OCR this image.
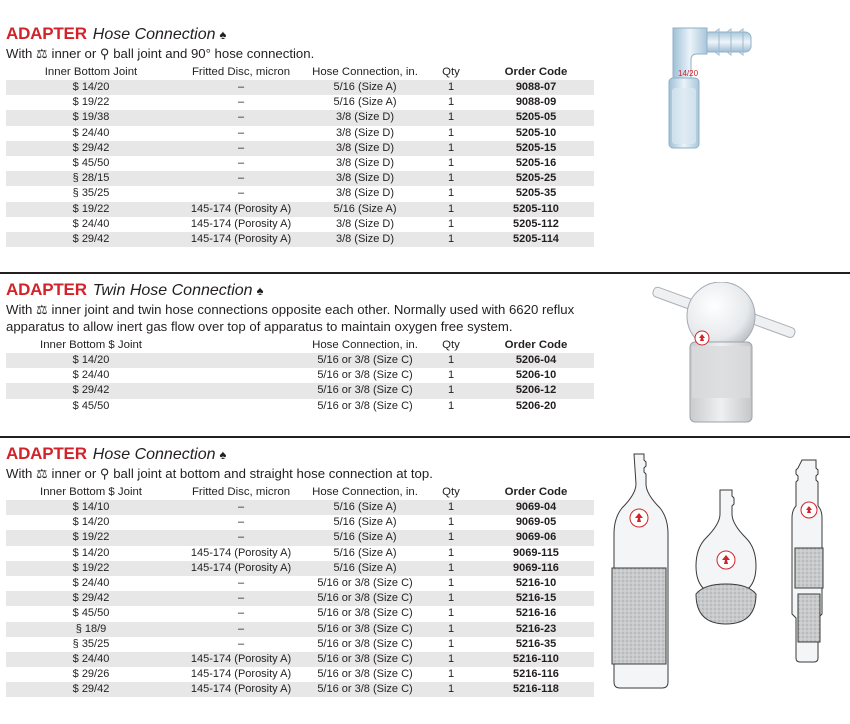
ADAPTER Hose Connection ♠
With ⚖ inner or ⚲ ball joint and 90° hose connection.
Inner Bottom Joint	Fritted Disc, micron	Hose Connection, in.	Qty	Order Code
$ 14/20	–	5/16 (Size A)	1	9088-07
$ 19/22	–	5/16 (Size A)	1	9088-09
$ 19/38	–	3/8 (Size D)	1	5205-05
$ 24/40	–	3/8 (Size D)	1	5205-10
$ 29/42	–	3/8 (Size D)	1	5205-15
$ 45/50	–	3/8 (Size D)	1	5205-16
§ 28/15	–	3/8 (Size D)	1	5205-25
§ 35/25	–	3/8 (Size D)	1	5205-35
$ 19/22	145-174 (Porosity A)	5/16 (Size A)	1	5205-110
$ 24/40	145-174 (Porosity A)	3/8 (Size D)	1	5205-112
$ 29/42	145-174 (Porosity A)	3/8 (Size D)	1	5205-114
ADAPTER Twin Hose Connection ♠
With ⚖ inner joint and twin hose connections opposite each other. Normally used with 6620 reflux apparatus to allow inert gas flow over top of apparatus to maintain oxygen free system.
Inner Bottom $ Joint		Hose Connection, in.	Qty	Order Code
$ 14/20		5/16 or 3/8 (Size C)	1	5206-04
$ 24/40		5/16 or 3/8 (Size C)	1	5206-10
$ 29/42		5/16 or 3/8 (Size C)	1	5206-12
$ 45/50		5/16 or 3/8 (Size C)	1	5206-20
ADAPTER Hose Connection ♠
With ⚖ inner or ⚲ ball joint at bottom and straight hose connection at top.
Inner Bottom $ Joint	Fritted Disc, micron	Hose Connection, in.	Qty	Order Code
$ 14/10	–	5/16 (Size A)	1	9069-04
$ 14/20	–	5/16 (Size A)	1	9069-05
$ 19/22	–	5/16 (Size A)	1	9069-06
$ 14/20	145-174 (Porosity A)	5/16 (Size A)	1	9069-115
$ 19/22	145-174 (Porosity A)	5/16 (Size A)	1	9069-116
$ 24/40	–	5/16 or 3/8 (Size C)	1	5216-10
$ 29/42	–	5/16 or 3/8 (Size C)	1	5216-15
$ 45/50	–	5/16 or 3/8 (Size C)	1	5216-16
§ 18/9	–	5/16 or 3/8 (Size C)	1	5216-23
§ 35/25	–	5/16 or 3/8 (Size C)	1	5216-35
$ 24/40	145-174 (Porosity A)	5/16 or 3/8 (Size C)	1	5216-110
$ 29/26	145-174 (Porosity A)	5/16 or 3/8 (Size C)	1	5216-116
$ 29/42	145-174 (Porosity A)	5/16 or 3/8 (Size C)	1	5216-118
14/20
